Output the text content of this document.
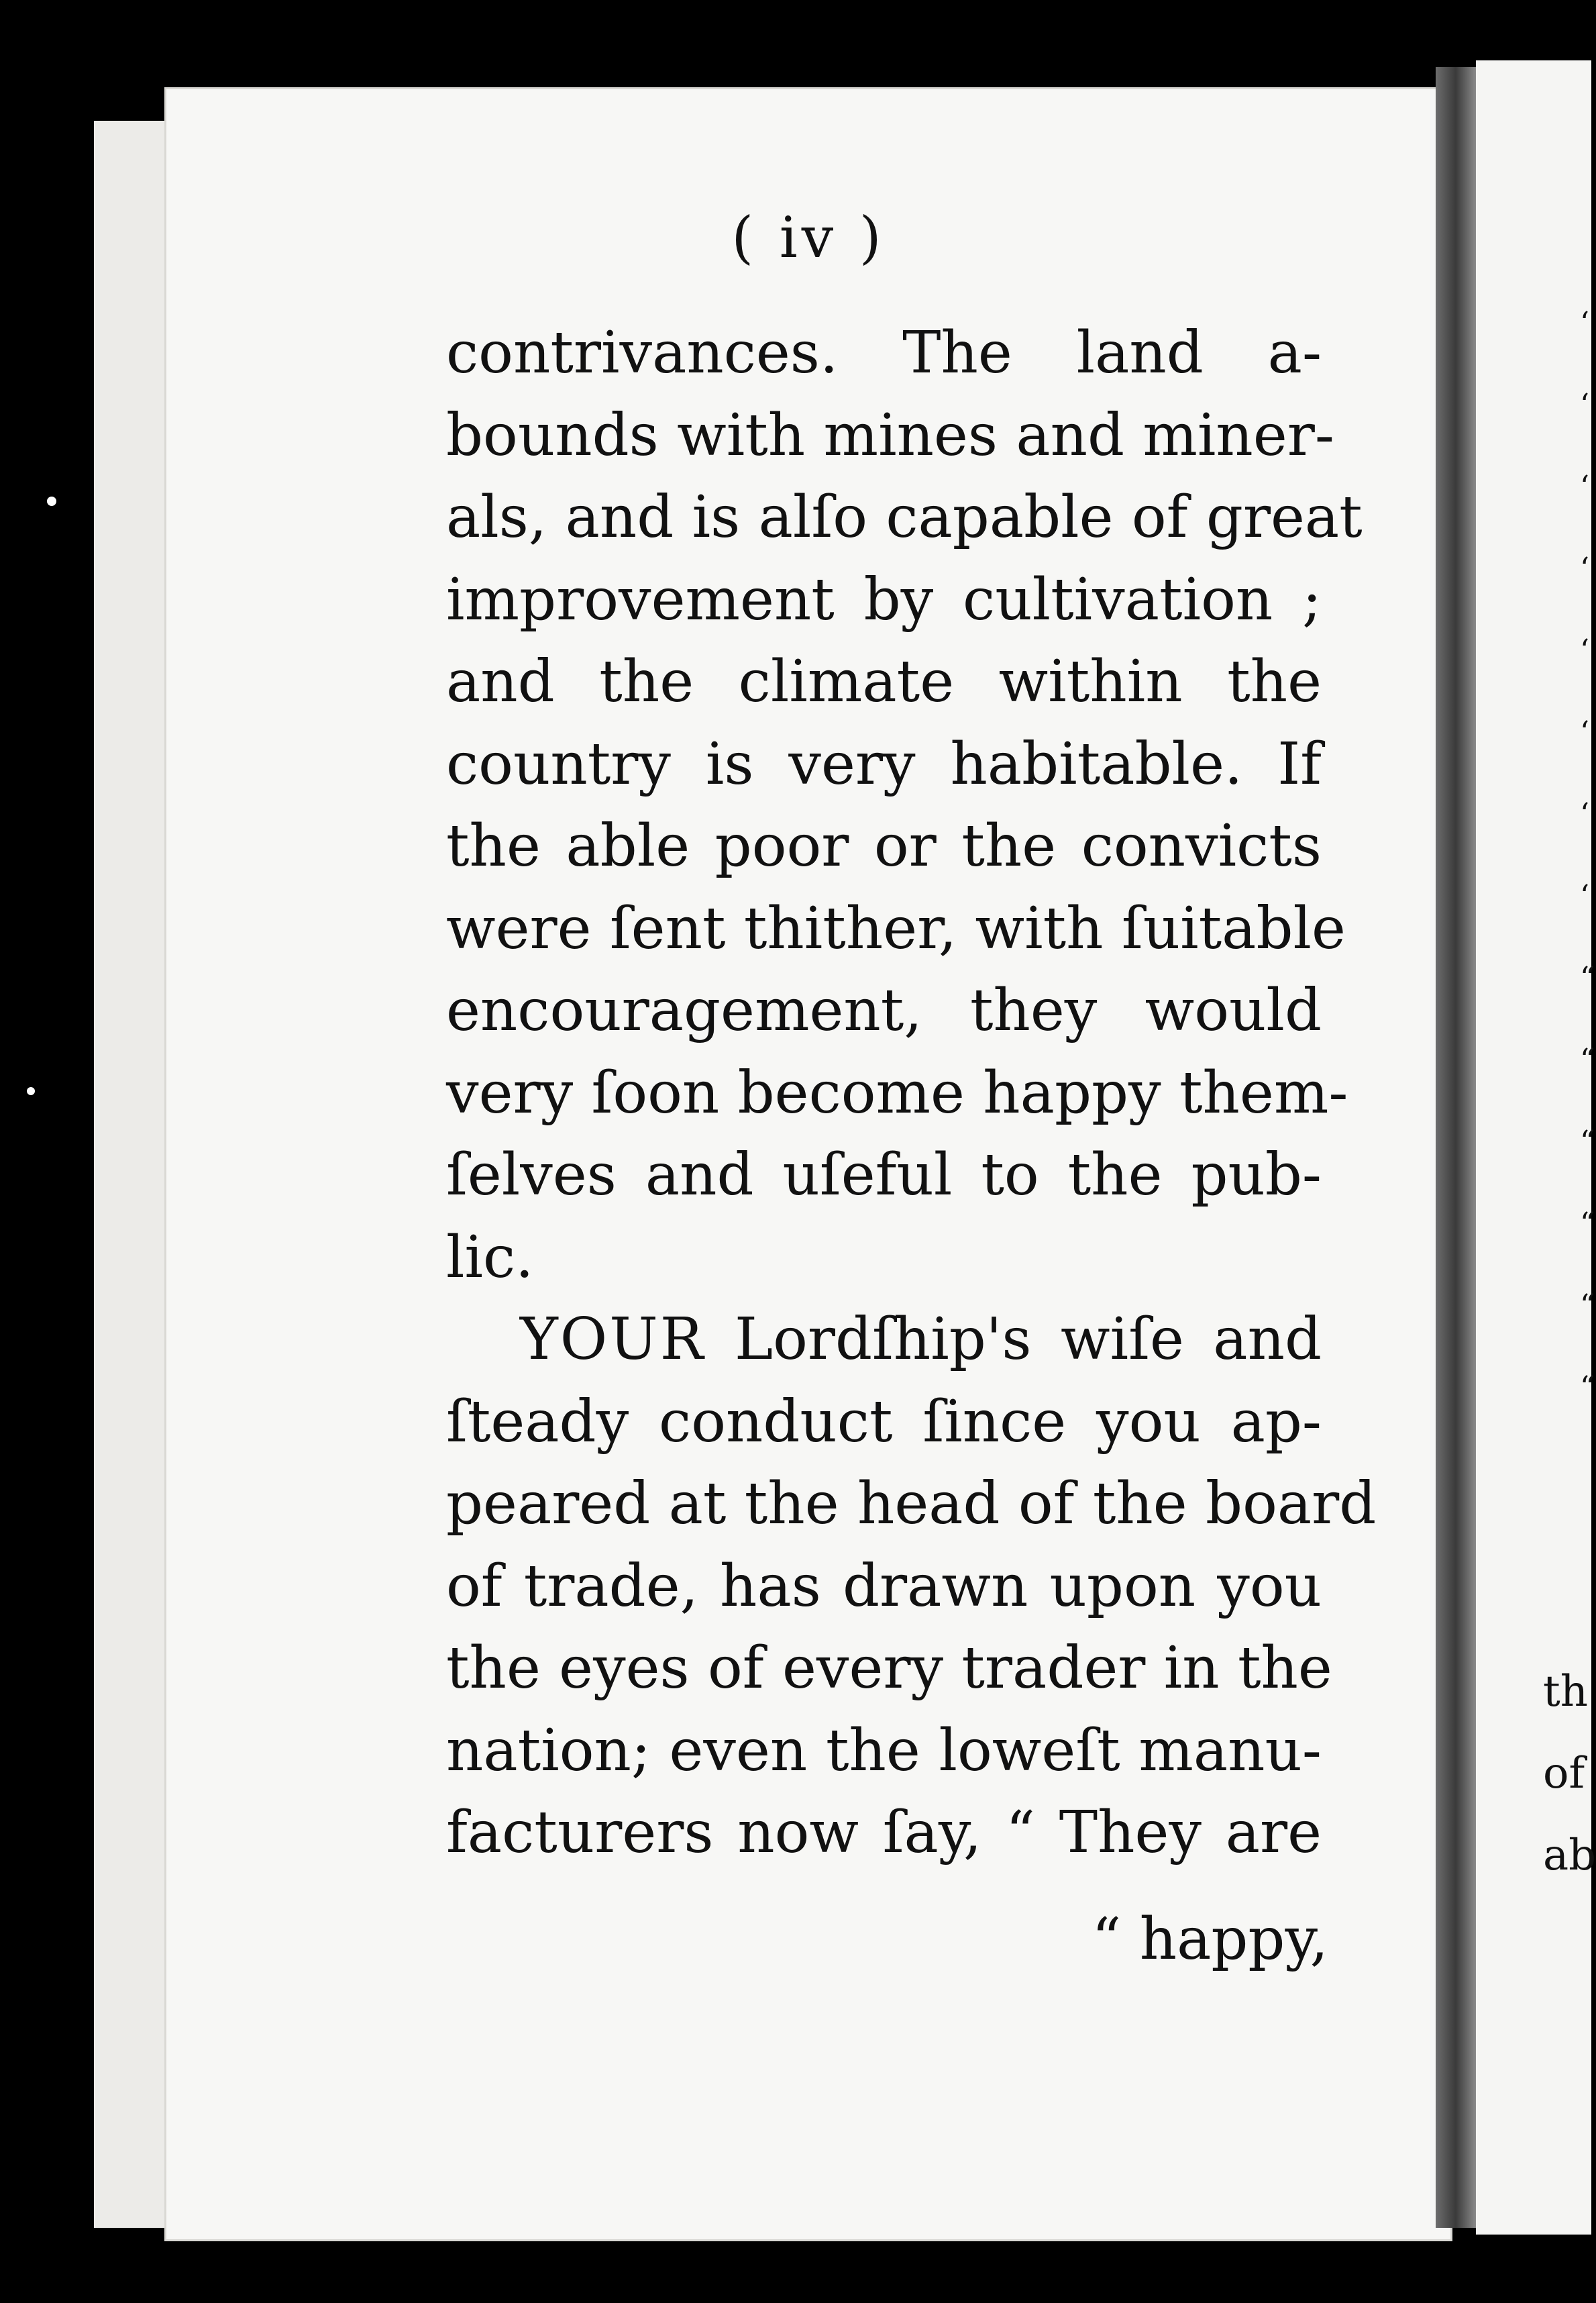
‘
‘
‘
‘
‘
‘
‘
‘
“
“
“
“
“
“
th
of
ab
( iv )
contrivances. The land a-
bounds with mines and miner-
als, and is alſo capable of great
improvement by cultivation ;
and the climate within the
country is very habitable. If
the able poor or the convicts
were ſent thither, with ſuitable
encouragement, they would
very ſoon become happy them-
ſelves and uſeful to the pub-
lic.
YOUR Lordſhip's wiſe and
ſteady conduct ſince you ap-
peared at the head of the board
of trade, has drawn upon you
the eyes of every trader in the
nation; even the loweſt manu-
facturers now ſay, “ They are
“ happy,
